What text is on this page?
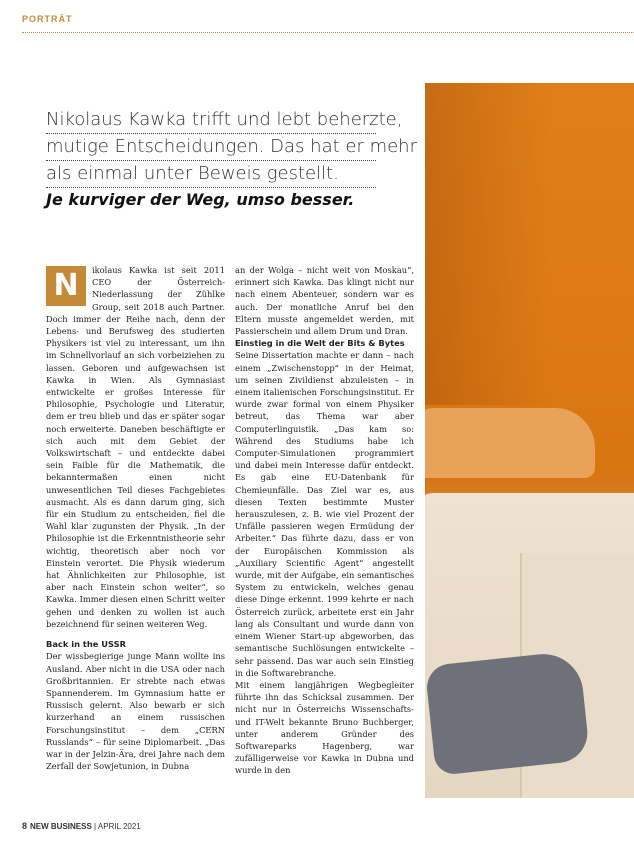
PORTRÄT
Nikolaus Kawka trifft und lebt beherzte,
mutige Entscheidungen. Das hat er mehr
als einmal unter Beweis gestellt.
Je kurviger der Weg, umso besser.

N	ikolaus Kawka ist seit 2011 CEO der Österreich-Niederlassung der Zühlke Group, seit 2018 auch Partner. Doch immer der Reihe nach, denn der Lebens- und Berufsweg des studierten Physikers ist viel zu interessant, um ihn im Schnellvorlauf an sich vorbeiziehen zu lassen. Geboren und aufgewachsen ist Kawka in Wien. Als Gymnasiast entwickelte er großes Interesse für Philosophie, Psychologie und Literatur, dem er treu blieb und das er später sogar noch erweiterte. Daneben beschäftigte er sich auch mit dem Gebiet der Volkswirtschaft – und entdeckte dabei sein Faible für die Mathematik, die bekanntermaßen einen nicht unwesentlichen Teil dieses Fachgebietes ausmacht. Als es dann darum ging, sich für ein Studium zu entscheiden, fiel die Wahl klar zugunsten der Physik. „In der Philosophie ist die Erkenntnistheorie sehr wichtig, theoretisch aber noch vor Einstein verortet. Die Physik wiederum hat Ähnlichkeiten zur Philosophie, ist aber nach Einstein schon weiter“, so Kawka. Immer diesen einen Schritt weiter gehen und denken zu wollen ist auch bezeichnend für seinen weiteren Weg.

Back in the USSR

Der wissbegierige junge Mann wollte ins Ausland. Aber nicht in die USA oder nach Großbritannien. Er strebte nach etwas Spannenderem. Im Gymnasium hatte er Russisch gelernt. Also bewarb er sich kurzerhand an einem russischen Forschungsinstitut – dem „CERN Russlands“ – für seine Diplomarbeit. „Das war in der Jelzin-Ära, drei Jahre nach dem Zerfall der Sowjetunion, in Dubna

an der Wolga – nicht weit von Moskau“, erinnert sich Kawka. Das klingt nicht nur nach einem Abenteuer, sondern war es auch. Der monatliche Anruf bei den Eltern musste angemeldet werden, mit Passierschein und allem Drum und Dran.

Einstieg in die Welt der Bits & Bytes

Seine Dissertation machte er dann – nach einem „Zwischenstopp“ in der Heimat, um seinen Zivildienst abzuleisten – in einem italienischen Forschungsinstitut. Er wurde zwar formal von einem Physiker betreut, das Thema war aber Computerlinguistik. „Das kam so: Während des Studiums habe ich Computer-Simulationen programmiert und dabei mein Interesse dafür entdeckt. Es gab eine EU-Datenbank für Chemieunfälle. Das Ziel war es, aus diesen Texten bestimmte Muster herauszulesen, z. B. wie viel Prozent der Unfälle passieren wegen Ermüdung der Arbeiter.“ Das führte dazu, dass er von der Europäischen Kommission als „Auxiliary Scientific Agent“ angestellt wurde, mit der Aufgabe, ein semantisches System zu entwickeln, welches genau diese Dinge erkennt. 1999 kehrte er nach Österreich zurück, arbeitete erst ein Jahr lang als Consultant und wurde dann von einem Wiener Start-up abgeworben, das semantische Suchlösungen entwickelte – sehr passend. Das war auch sein Einstieg in die Softwarebranche.

Mit einem langjährigen Wegbegleiter führte ihn das Schicksal zusammen. Der nicht nur in Österreichs Wissenschafts- und IT-Welt bekannte Bruno Buchberger, unter anderem Gründer des Softwareparks Hagenberg, war zufälligerweise vor Kawka in Dubna und wurde in den

8 NEW BUSINESS | APRIL 2021
